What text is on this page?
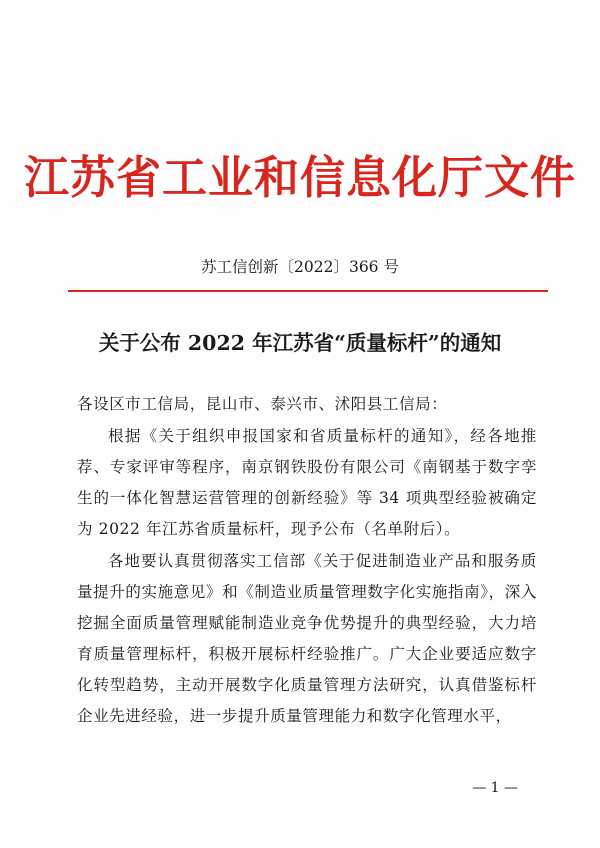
江苏省工业和信息化厅文件
苏工信创新〔2022〕366 号
关于公布 2022 年江苏省“质量标杆”的通知
各设区市工信局，昆山市、泰兴市、沭阳县工信局：
根据《关于组织申报国家和省质量标杆的通知》，经各地推荐、专家评审等程序，南京钢铁股份有限公司《南钢基于数字孪生的一体化智慧运营管理的创新经验》等 34 项典型经验被确定为 2022 年江苏省质量标杆，现予公布（名单附后）。
各地要认真贯彻落实工信部《关于促进制造业产品和服务质量提升的实施意见》和《制造业质量管理数字化实施指南》，深入挖掘全面质量管理赋能制造业竞争优势提升的典型经验，大力培育质量管理标杆，积极开展标杆经验推广。广大企业要适应数字化转型趋势，主动开展数字化质量管理方法研究，认真借鉴标杆企业先进经验，进一步提升质量管理能力和数字化管理水平，
— 1 —
